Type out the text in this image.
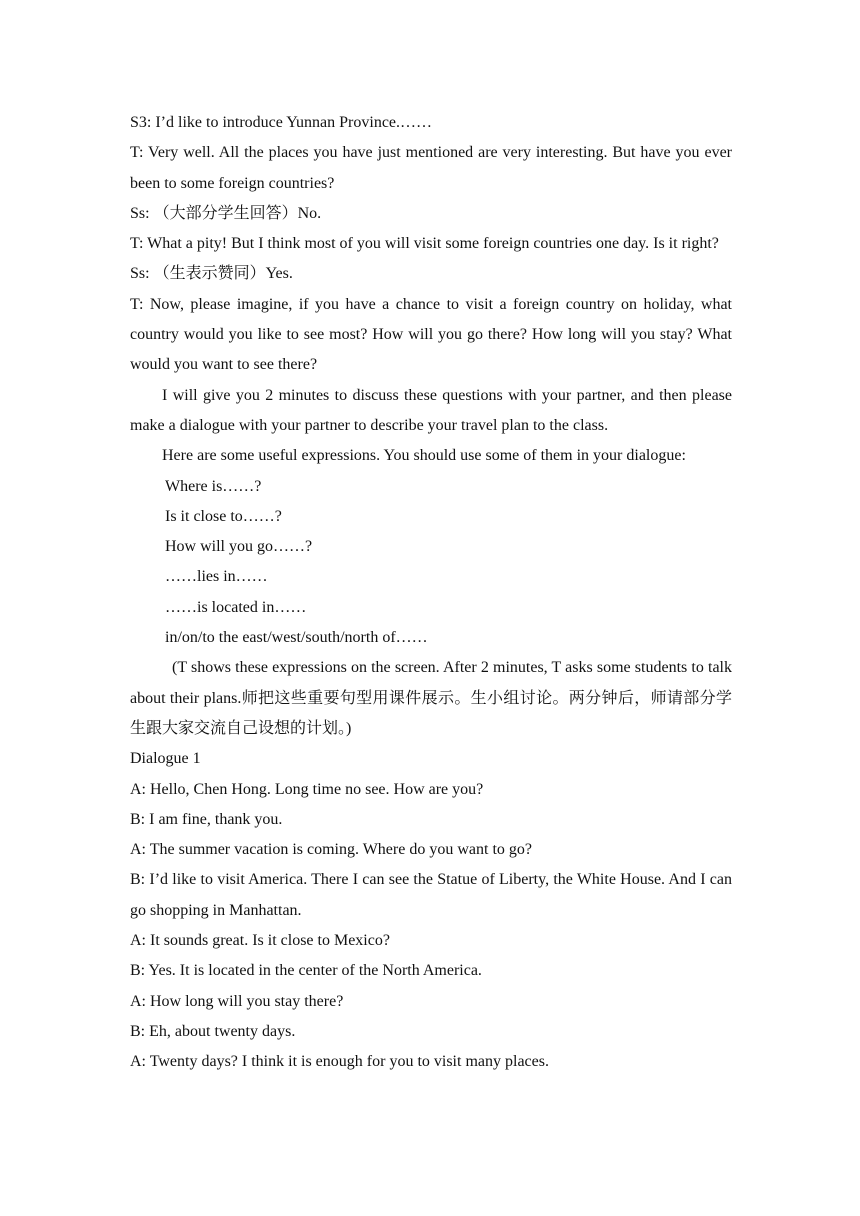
S3: I’d like to introduce Yunnan Province.……

T: Very well. All the places you have just mentioned are very interesting. But have you ever been to some foreign countries?

Ss: （大部分学生回答）No.

T: What a pity! But I think most of you will visit some foreign countries one day. Is it right?

Ss: （生表示赞同）Yes.

T: Now, please imagine, if you have a chance to visit a foreign country on holiday, what country would you like to see most? How will you go there? How long will you stay? What would you want to see there?

I will give you 2 minutes to discuss these questions with your partner, and then please make a dialogue with your partner to describe your travel plan to the class.

Here are some useful expressions. You should use some of them in your dialogue:

Where is……?

Is it close to……?

How will you go……?

……lies in……

……is located in……

in/on/to the east/west/south/north of……

(T shows these expressions on the screen. After 2 minutes, T asks some students to talk about their plans.师把这些重要句型用课件展示。生小组讨论。两分钟后，师请部分学生跟大家交流自己设想的计划。)

Dialogue 1

A: Hello, Chen Hong. Long time no see. How are you?

B: I am fine, thank you.

A: The summer vacation is coming. Where do you want to go?

B: I’d like to visit America. There I can see the Statue of Liberty, the White House. And I can go shopping in Manhattan.

A: It sounds great. Is it close to Mexico?

B: Yes. It is located in the center of the North America.

A: How long will you stay there?

B: Eh, about twenty days.

A: Twenty days? I think it is enough for you to visit many places.
